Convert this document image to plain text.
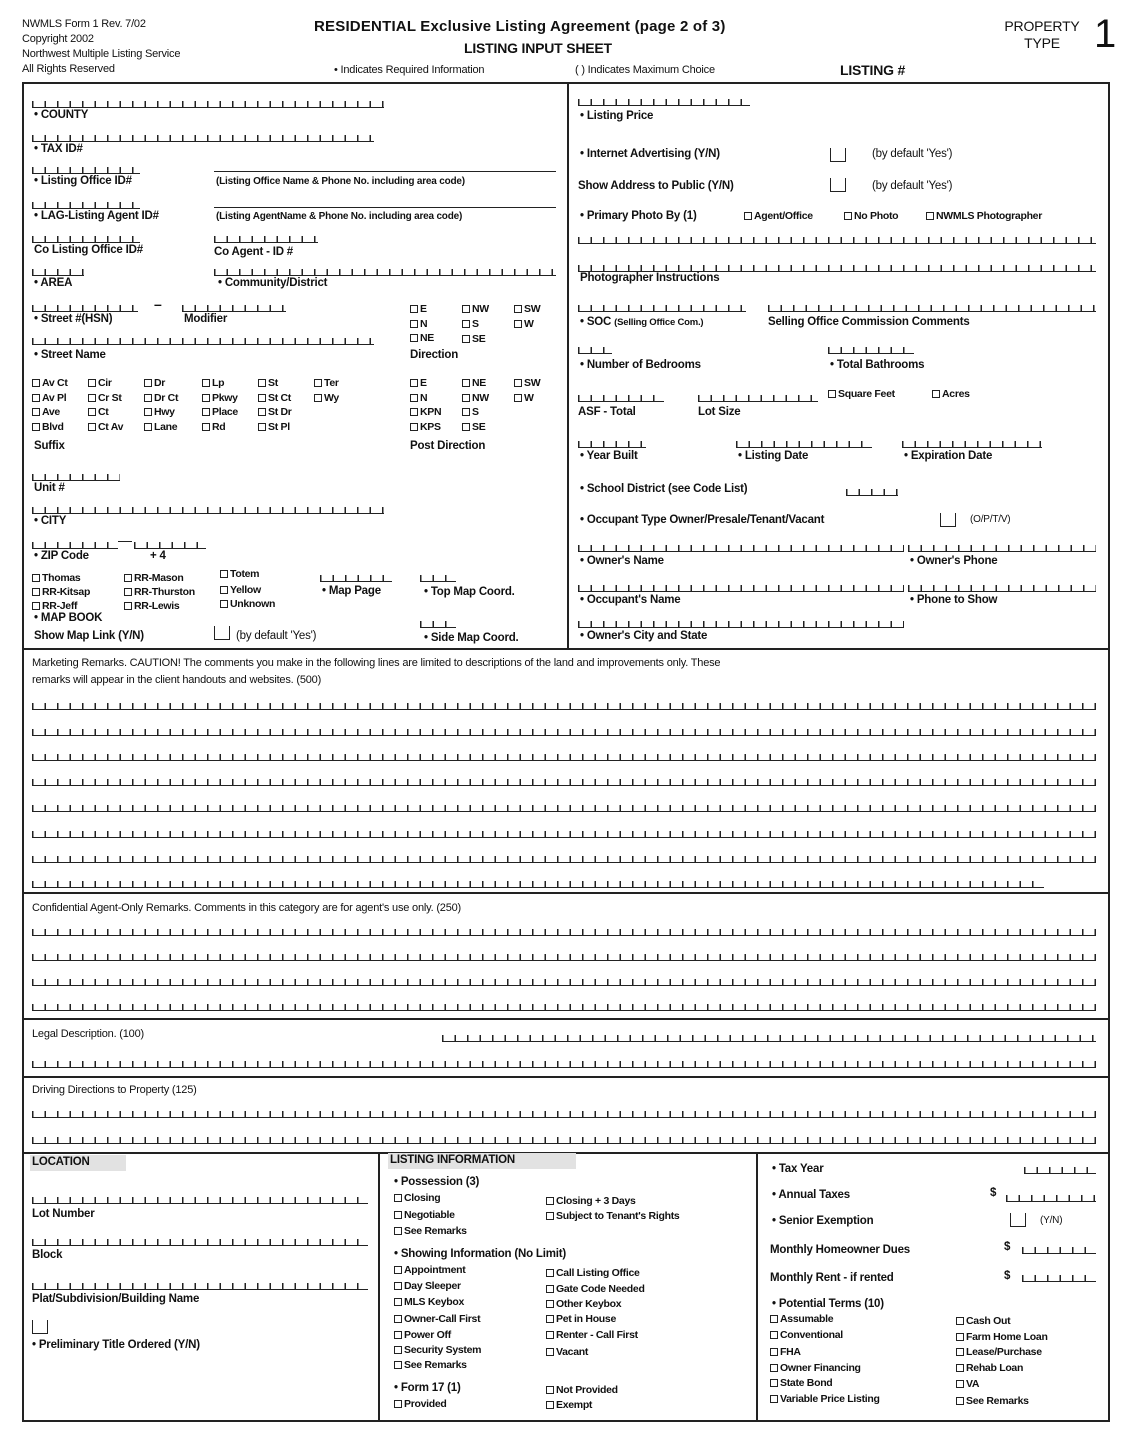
NWMLS Form 1 Rev. 7/02
Copyright 2002
Northwest Multiple Listing Service
All Rights Reserved
RESIDENTIAL Exclusive Listing Agreement (page 2 of 3)
LISTING INPUT SHEET
• Indicates Required Information	( ) Indicates Maximum Choice	LISTING #
PROPERTY TYPE 1
• COUNTY
• TAX ID#
• Listing Office ID#	(Listing Office Name & Phone No. including area code)
• LAG-Listing Agent ID#	(Listing AgentName & Phone No. including area code)
Co Listing Office ID#	Co Agent - ID #
• AREA	• Community/District
–
• Street #(HSN)	Modifier
• Street Name
E	NW	SW
N	S	W
NE	SE
Direction
Av Ct	Cir	Dr	Lp	St	Ter
Av Pl	Cr St	Dr Ct	Pkwy	St Ct	Wy
Ave	Ct	Hwy	Place	St Dr
Blvd	Ct Av	Lane	Rd	St Pl
Suffix
E	NE	SW
N	NW	W
KPN	S
KPS	SE
Post Direction
Unit #
• CITY
• ZIP Code	+ 4
Thomas	RR-Mason	Totem
RR-Kitsap	RR-Thurston	Yellow
RR-Jeff	RR-Lewis	Unknown
• MAP BOOK
• Map Page	• Top Map Coord.
Show Map Link (Y/N)	(by default 'Yes')	• Side Map Coord.
• Listing Price
• Internet Advertising (Y/N)	(by default 'Yes')
Show Address to Public (Y/N)	(by default 'Yes')
• Primary Photo By (1)	Agent/Office	No Photo	NWMLS Photographer
Photographer Instructions
• SOC (Selling Office Com.)	Selling Office Commission Comments
• Number of Bedrooms	• Total Bathrooms
Square Feet	Acres
ASF - Total	Lot Size
• Year Built	• Listing Date	• Expiration Date
• School District (see Code List)
• Occupant Type Owner/Presale/Tenant/Vacant	(O/P/T/V)
• Owner's Name	• Owner's Phone
• Occupant's Name	• Phone to Show
• Owner's City and State
Marketing Remarks. CAUTION! The comments you make in the following lines are limited to descriptions of the land and improvements only. These
remarks will appear in the client handouts and websites. (500)
Confidential Agent-Only Remarks. Comments in this category are for agent's use only. (250)
Legal Description. (100)
Driving Directions to Property (125)
LOCATION
Lot Number
Block
Plat/Subdivision/Building Name
• Preliminary Title Ordered (Y/N)
LISTING INFORMATION
• Possession (3)
Closing
Negotiable
See Remarks
Closing + 3 Days
Subject to Tenant's Rights
• Showing Information (No Limit)
Appointment
Day Sleeper
MLS Keybox
Owner-Call First
Power Off
Security System
See Remarks
Call Listing Office
Gate Code Needed
Other Keybox
Pet in House
Renter - Call First
Vacant
• Form 17 (1)
Provided
Not Provided
Exempt
• Tax Year
• Annual Taxes	$
• Senior Exemption	(Y/N)
Monthly Homeowner Dues	$
Monthly Rent - if rented	$
• Potential Terms (10)
Assumable
Conventional
FHA
Owner Financing
State Bond
Variable Price Listing
Cash Out
Farm Home Loan
Lease/Purchase
Rehab Loan
VA
See Remarks
